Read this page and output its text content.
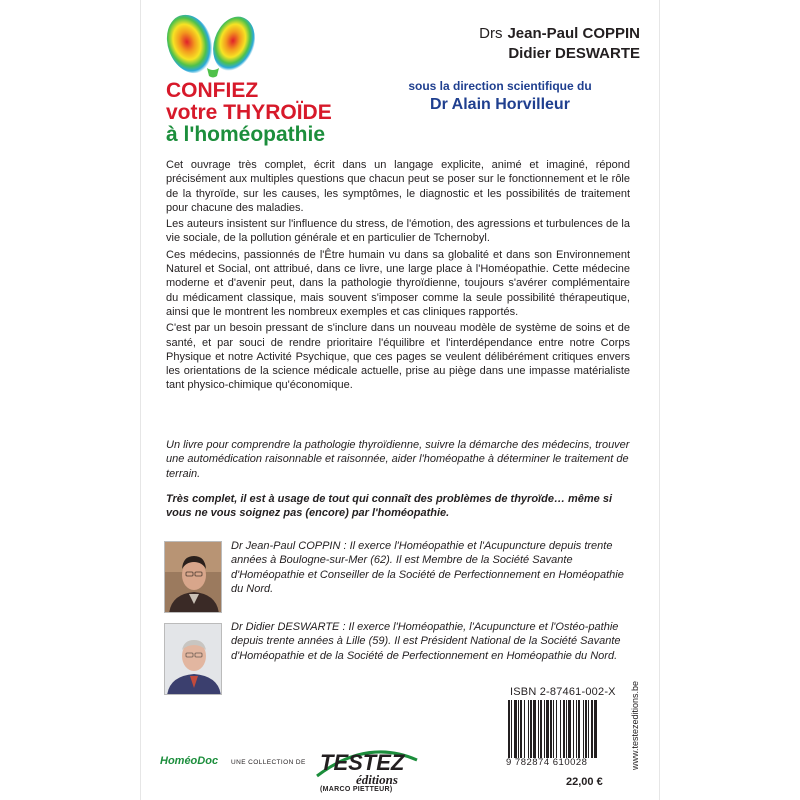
CONFIEZ
votre THYROÏDE
à l'homéopathie
Drs Jean-Paul COPPIN
Didier DESWARTE
sous la direction scientifique du
Dr Alain Horvilleur

Cet ouvrage très complet, écrit dans un langage explicite, animé et imaginé, répond précisément aux multiples questions que chacun peut se poser sur le fonctionnement et le rôle de la thyroïde, sur les causes, les symptômes, le diagnostic et les possibilités de traitement pour chacune des maladies.

Les auteurs insistent sur l'influence du stress, de l'émotion, des agressions et turbulences de la vie sociale, de la pollution générale et en particulier de Tchernobyl.

Ces médecins, passionnés de l'Être humain vu dans sa globalité et dans son Environnement Naturel et Social, ont attribué, dans ce livre, une large place à l'Homéopathie. Cette médecine moderne et d'avenir peut, dans la pathologie thyroïdienne, toujours s'avérer complémentaire du médicament classique, mais souvent s'imposer comme la seule possibilité thérapeutique, ainsi que le montrent les nombreux exemples et cas cliniques rapportés.

C'est par un besoin pressant de s'inclure dans un nouveau modèle de système de soins et de santé, et par souci de rendre prioritaire l'équilibre et l'interdépendance entre notre Corps Physique et notre Activité Psychique, que ces pages se veulent délibérément critiques envers les orientations de la science médicale actuelle, prise au piège dans une impasse matérialiste tant physico-chimique qu'économique.

Un livre pour comprendre la pathologie thyroïdienne, suivre la démarche des médecins, trouver une automédication raisonnable et raisonnée, aider l'homéopathe à déterminer le traitement de terrain.
Très complet, il est à usage de tout qui connaît des problèmes de thyroïde… même si vous ne vous soignez pas (encore) par l'homéopathie.
Dr Jean-Paul COPPIN : Il exerce l'Homéopathie et l'Acupuncture depuis trente années à Boulogne-sur-Mer (62). Il est Membre de la Société Savante d'Homéopathie et Conseiller de la Société de Perfectionnement en Homéopathie du Nord.
Dr Didier DESWARTE : Il exerce l'Homéopathie, l'Acupuncture et l'Ostéo-pathie depuis trente années à Lille (59). Il est Président National de la Société Savante d'Homéopathie et de la Société de Perfectionnement en Homéopathie du Nord.
ISBN 2-87461-002-X
9 782874 610028
22,00 €
www.testezeditions.be
HoméoDoc UNE COLLECTION DE TESTEZ
éditions
(MARCO PIETTEUR)
